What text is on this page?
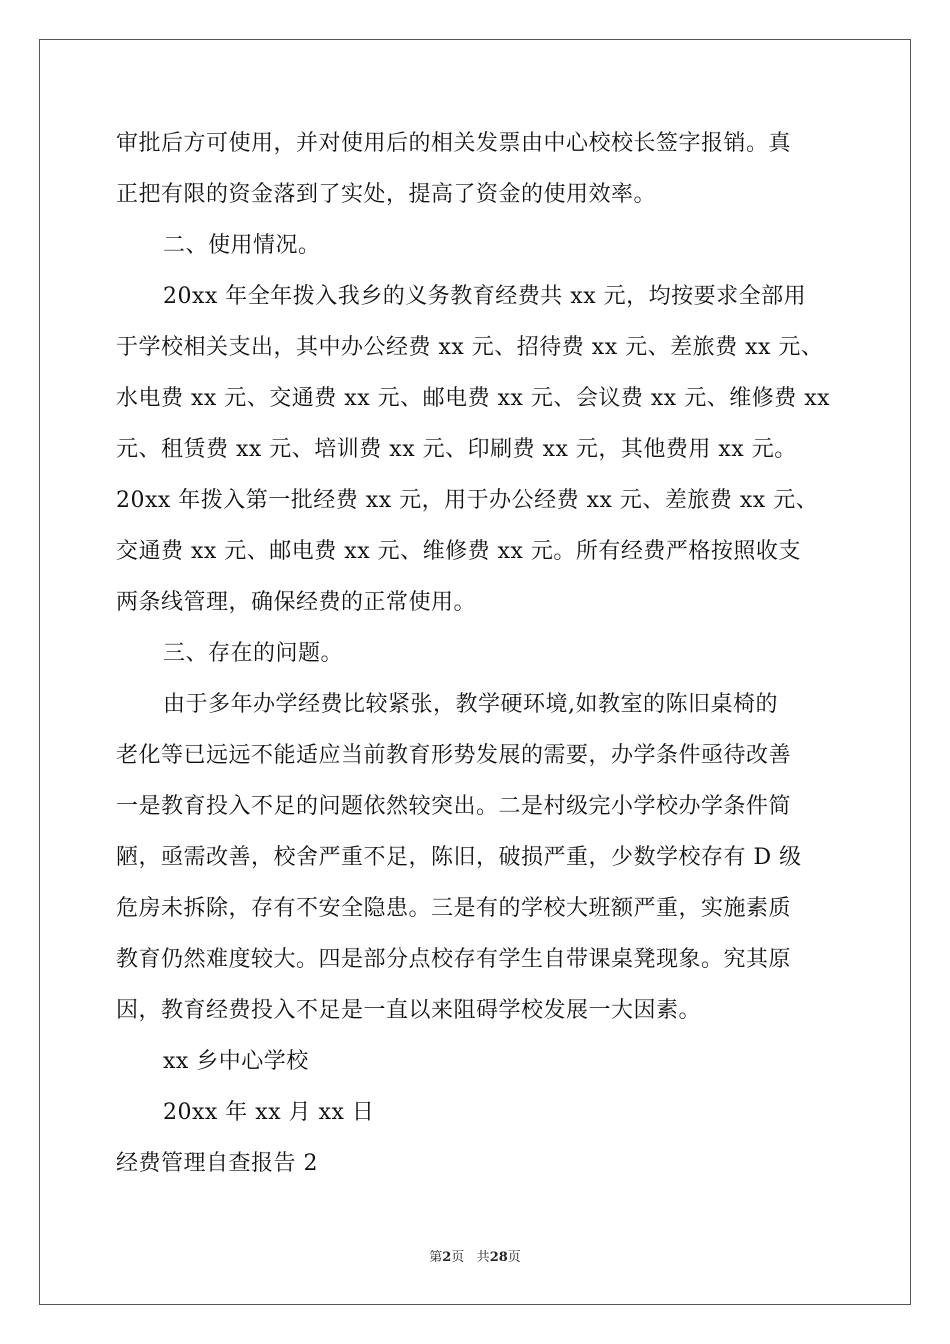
审批后方可使用，并对使用后的相关发票由中心校校长签字报销。真
正把有限的资金落到了实处，提高了资金的使用效率。
二、使用情况。
20xx 年全年拨入我乡的义务教育经费共 xx 元，均按要求全部用
于学校相关支出，其中办公经费 xx 元、招待费 xx 元、差旅费 xx 元、
水电费 xx 元、交通费 xx 元、邮电费 xx 元、会议费 xx 元、维修费 xx
元、租赁费 xx 元、培训费 xx 元、印刷费 xx 元，其他费用 xx 元。
20xx 年拨入第一批经费 xx 元，用于办公经费 xx 元、差旅费 xx 元、
交通费 xx 元、邮电费 xx 元、维修费 xx 元。所有经费严格按照收支
两条线管理，确保经费的正常使用。
三、存在的问题。
由于多年办学经费比较紧张，教学硬环境,如教室的陈旧桌椅的
老化等已远远不能适应当前教育形势发展的需要，办学条件亟待改善
一是教育投入不足的问题依然较突出。二是村级完小学校办学条件简
陋，亟需改善，校舍严重不足，陈旧，破损严重，少数学校存有 D 级
危房未拆除，存有不安全隐患。三是有的学校大班额严重，实施素质
教育仍然难度较大。四是部分点校存有学生自带课桌凳现象。究其原
因，教育经费投入不足是一直以来阻碍学校发展一大因素。
xx 乡中心学校
20xx 年 xx 月 xx 日
经费管理自查报告 2
第2页 共28页
